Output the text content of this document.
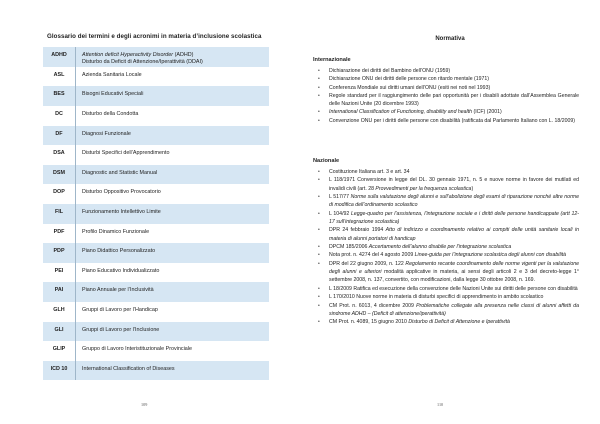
Glossario dei termini e degli acronimi in materia d’inclusione scolastica
ADHD	Attention deficit Hyperactivity Disorder (ADHD)
Disturbo da Deficit di Attenzione/Iperattività (DDAI)
ASL	Azienda Sanitaria Locale
BES	Bisogni Educativi Speciali
DC	Disturbo della Condotta
DF	Diagnosi Funzionale
DSA	Disturbi Specifici dell’Apprendimento
DSM	Diagnostic and Statistic Manual
DOP	Disturbo Oppositivo Provocatorio
FIL	Funzionamento Intellettivo Limite
PDF	Profilo Dinamico Funzionale
PDP	Piano Didattico Personalizzato
PEI	Piano Educativo Individualizzato
PAI	Piano Annuale per l’Inclusività
GLH	Gruppi di Lavoro per l’Handicap
GLI	Gruppi di Lavoro per l’Inclusione
GLIP	Gruppo di Lavoro Interistituzionale Provinciale
ICD 10	International Classification of Diseases
109
Normativa
Internazionale
• Dichiarazione dei diritti del Bambino dell’ONU (1959)
• Dichiarazione ONU dei diritti delle persone con ritardo mentale (1971)
• Conferenza Mondiale sui diritti umani dell’ONU (esiti nei noti nel 1993)
• Regole standard per il raggiungimento delle pari opportunità per i disabili adottate dall’Assemblea Generale delle Nazioni Unite (20 dicembre 1993)
• International Classification of Functioning, disability and health (ICF) (2001)
• Convenzione ONU per i diritti delle persone con disabilità (ratificata dal Parlamento Italiano con L. 18/2009)
Nazionale
• Costituzione Italiana art. 3 e art. 34
• L 118/1971 Conversione in legge del DL. 30 gennaio 1971, n. 5 e nuove norme in favore dei mutilati ed invalidi civili (art. 28 Provvedimenti per la frequenza scolastica)
• L 517/77 Norme sulla valutazione degli alunni e sull’abolizione degli esami di riparazione nonché altre norme di modifica dell’ordinamento scolastico
• L 104/92 Legge-quadro per l’assistenza, l’integrazione sociale e i diritti delle persone handicappate (artt 12-17 sull’integrazione scolastica)
• DPR 24 febbraio 1994 Atto di indirizzo e coordinamento relativo ai compiti delle unità sanitarie locali in materia di alunni portatori di handicap
• DPCM 185/2006 Accertamento dell’alunno disabile per l’integrazione scolastica
• Nota prot. n. 4274 del 4 agosto 2009 Linee-guida per l’integrazione scolastica degli alunni con disabilità
• DPR del 22 giugno 2009, n. 122 Regolamento recante coordinamento delle norme vigenti per la valutazione degli alunni e ulteriori modalità applicative in materia, ai sensi degli articoli 2 e 3 del decreto-legge 1° settembre 2008, n. 137, convertito, con modificazioni, dalla legge 30 ottobre 2008, n. 169.
• L 18/2009 Ratifica ed esecuzione della convenzione delle Nazioni Unite sui diritti delle persone con disabilità
• L 170/2010 Nuove norme in materia di disturbi specifici di apprendimento in ambito scolastico
• CM Prot. n. 6013, 4 dicembre 2009 Problematiche collegate alla presenza nelle classi di alunni affetti da sindrome ADHD – (Deficit di attenzione/iperattività)
• CM Prot. n. 4089, 15 giugno 2010 Disturbo di Deficit di Attenzione e Iperattività
110
